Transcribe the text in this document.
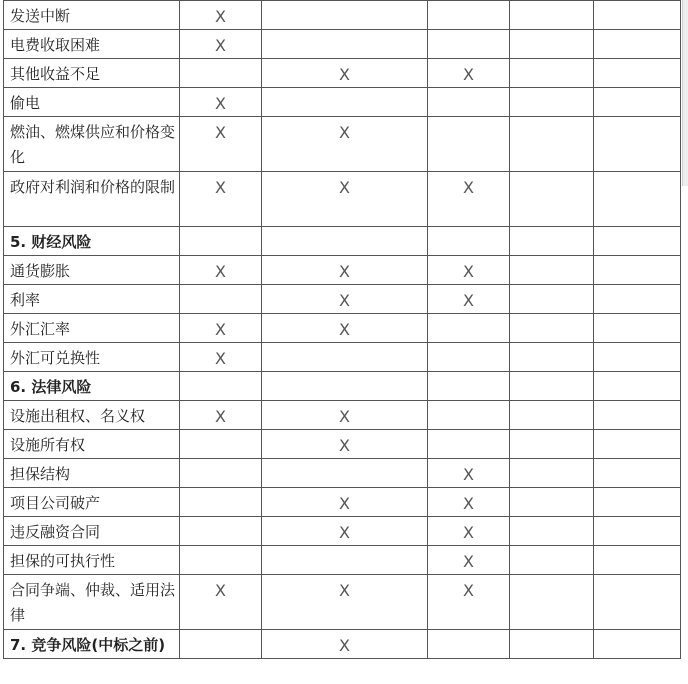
发送中断	X				
电费收取困难	X				
其他收益不足		X	X		
偷电	X				
燃油、燃煤供应和价格变化	X	X			
政府对利润和价格的限制	X	X	X		
5. 财经风险					
通货膨胀	X	X	X		
利率		X	X		
外汇汇率	X	X			
外汇可兑换性	X				
6. 法律风险					
设施出租权、名义权	X	X			
设施所有权		X			
担保结构			X		
项目公司破产		X	X		
违反融资合同		X	X		
担保的可执行性			X		
合同争端、仲裁、适用法律	X	X	X		
7. 竞争风险(中标之前)		X			
